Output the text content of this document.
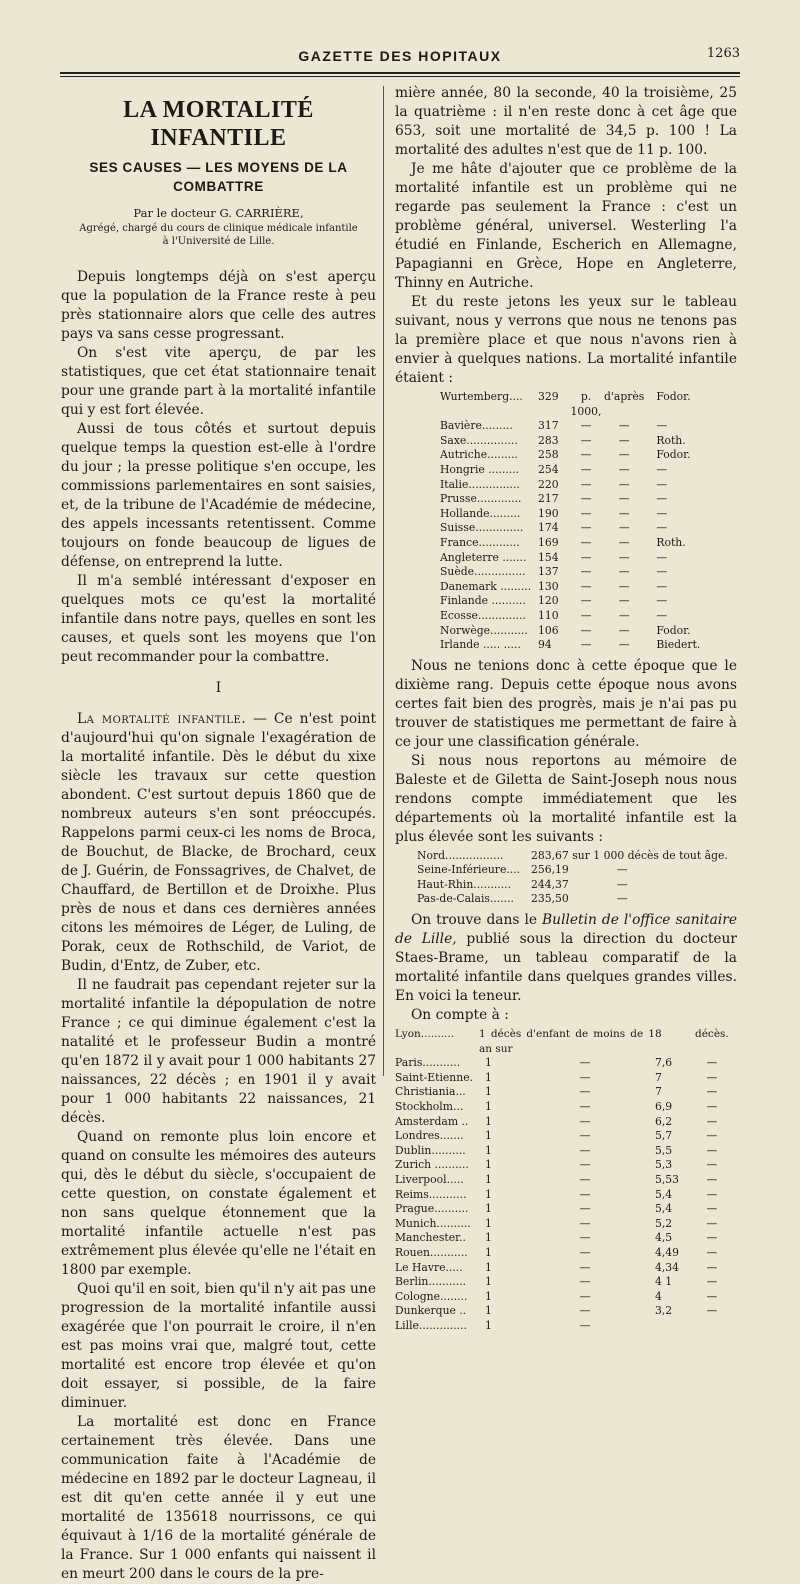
GAZETTE DES HOPITAUX	1263
LA MORTALITÉ INFANTILE
SES CAUSES — LES MOYENS DE LA COMBATTRE
Par le docteur G. CARRIÈRE,
Agrégé, chargé du cours de clinique médicale infantile
à l'Université de Lille.

Depuis longtemps déjà on s'est aperçu que la population de la France reste à peu près stationnaire alors que celle des autres pays va sans cesse progressant.

On s'est vite aperçu, de par les statistiques, que cet état stationnaire tenait pour une grande part à la mortalité infantile qui y est fort élevée.

Aussi de tous côtés et surtout depuis quelque temps la question est-elle à l'ordre du jour ; la presse politique s'en occupe, les commissions parlementaires en sont saisies, et, de la tribune de l'Académie de médecine, des appels incessants retentissent. Comme toujours on fonde beaucoup de ligues de défense, on entreprend la lutte.

Il m'a semblé intéressant d'exposer en quelques mots ce qu'est la mortalité infantile dans notre pays, quelles en sont les causes, et quels sont les moyens que l'on peut recommander pour la combattre.

I

La mortalité infantile. — Ce n'est point d'aujourd'hui qu'on signale l'exagération de la mortalité infantile. Dès le début du xixe siècle les travaux sur cette question abondent. C'est surtout depuis 1860 que de nombreux auteurs s'en sont préoccupés. Rappelons parmi ceux-ci les noms de Broca, de Bouchut, de Blacke, de Brochard, ceux de J. Guérin, de Fonssagrives, de Chalvet, de Chauffard, de Bertillon et de Droixhe. Plus près de nous et dans ces dernières années citons les mémoires de Léger, de Luling, de Porak, ceux de Rothschild, de Variot, de Budin, d'Entz, de Zuber, etc.

Il ne faudrait pas cependant rejeter sur la mortalité infantile la dépopulation de notre France ; ce qui diminue également c'est la natalité et le professeur Budin a montré qu'en 1872 il y avait pour 1 000 habitants 27 naissances, 22 décès ; en 1901 il y avait pour 1 000 habitants 22 naissances, 21 décès.

Quand on remonte plus loin encore et quand on consulte les mémoires des auteurs qui, dès le début du siècle, s'occupaient de cette question, on constate également et non sans quelque étonnement que la mortalité infantile actuelle n'est pas extrêmement plus élevée qu'elle ne l'était en 1800 par exemple.

Quoi qu'il en soit, bien qu'il n'y ait pas une progression de la mortalité infantile aussi exagérée que l'on pourrait le croire, il n'en est pas moins vrai que, malgré tout, cette mortalité est encore trop élevée et qu'on doit essayer, si possible, de la faire diminuer.

La mortalité est donc en France certainement très élevée. Dans une communication faite à l'Académie de médecine en 1892 par le docteur Lagneau, il est dit qu'en cette année il y eut une mortalité de 135618 nourrissons, ce qui équivaut à 1/16 de la mortalité générale de la France. Sur 1 000 enfants qui naissent il en meurt 200 dans le cours de la pre-

mière année, 80 la seconde, 40 la troisième, 25 la quatrième : il n'en reste donc à cet âge que 653, soit une mortalité de 34,5 p. 100 ! La mortalité des adultes n'est que de 11 p. 100.

Je me hâte d'ajouter que ce problème de la mortalité infantile est un problème qui ne regarde pas seulement la France : c'est un problème général, universel. Westerling l'a étudié en Finlande, Escherich en Allemagne, Papagianni en Grèce, Hope en Angleterre, Thinny en Autriche.

Et du reste jetons les yeux sur le tableau suivant, nous y verrons que nous ne tenons pas la première place et que nous n'avons rien à envier à quelques nations. La mortalité infantile étaient :

Wurtemberg....	329	p. 1000,	d'après	Fodor.
Bavière.........	317	—	—	—
Saxe...............	283	—	—	Roth.
Autriche.........	258	—	—	Fodor.
Hongrie .........	254	—	—	—
Italie...............	220	—	—	—
Prusse.............	217	—	—	—
Hollande.........	190	—	—	—
Suisse..............	174	—	—	—
France............	169	—	—	Roth.
Angleterre .......	154	—	—	—
Suède...............	137	—	—	—
Danemark .........	130	—	—	—
Finlande ..........	120	—	—	—
Ecosse..............	110	—	—	—
Norwège...........	106	—	—	Fodor.
Irlande ..... .....	94	—	—	Biedert.

Nous ne tenions donc à cette époque que le dixième rang. Depuis cette époque nous avons certes fait bien des progrès, mais je n'ai pas pu trouver de statistiques me permettant de faire à ce jour une classification générale.

Si nous nous reportons au mémoire de Baleste et de Giletta de Saint-Joseph nous nous rendons compte immédiatement que les départements où la mortalité infantile est la plus élevée sont les suivants :

Nord.................	283,67 sur 1 000 décès de tout âge.
Seine-Inférieure....	256,19              —
Haut-Rhin...........	244,37              —
Pas-de-Calais.......	235,50              —

On trouve dans le Bulletin de l'office sanitaire de Lille, publié sous la direction du docteur Staes-Brame, un tableau comparatif de la mortalité infantile dans quelques grandes villes. En voici la teneur.

On compte à :

Lyon..........	1 décès d'enfant de moins de 1 an sur		8	décès.
Paris...........	1	—	7,6	—
Saint-Etienne.	1	—	7	—
Christiania...	1	—	7	—
Stockholm...	1	—	6,9	—
Amsterdam ..	1	—	6,2	—
Londres.......	1	—	5,7	—
Dublin..........	1	—	5,5	—
Zurich ..........	1	—	5,3	—
Liverpool.....	1	—	5,53	—
Reims...........	1	—	5,4	—
Prague..........	1	—	5,4	—
Munich..........	1	—	5,2	—
Manchester..	1	—	4,5	—
Rouen...........	1	—	4,49	—
Le Havre.....	1	—	4,34	—
Berlin...........	1	—	4 1	—
Cologne........	1	—	4	—
Dunkerque ..	1	—	3,2	—
Lille..............	1	—		
